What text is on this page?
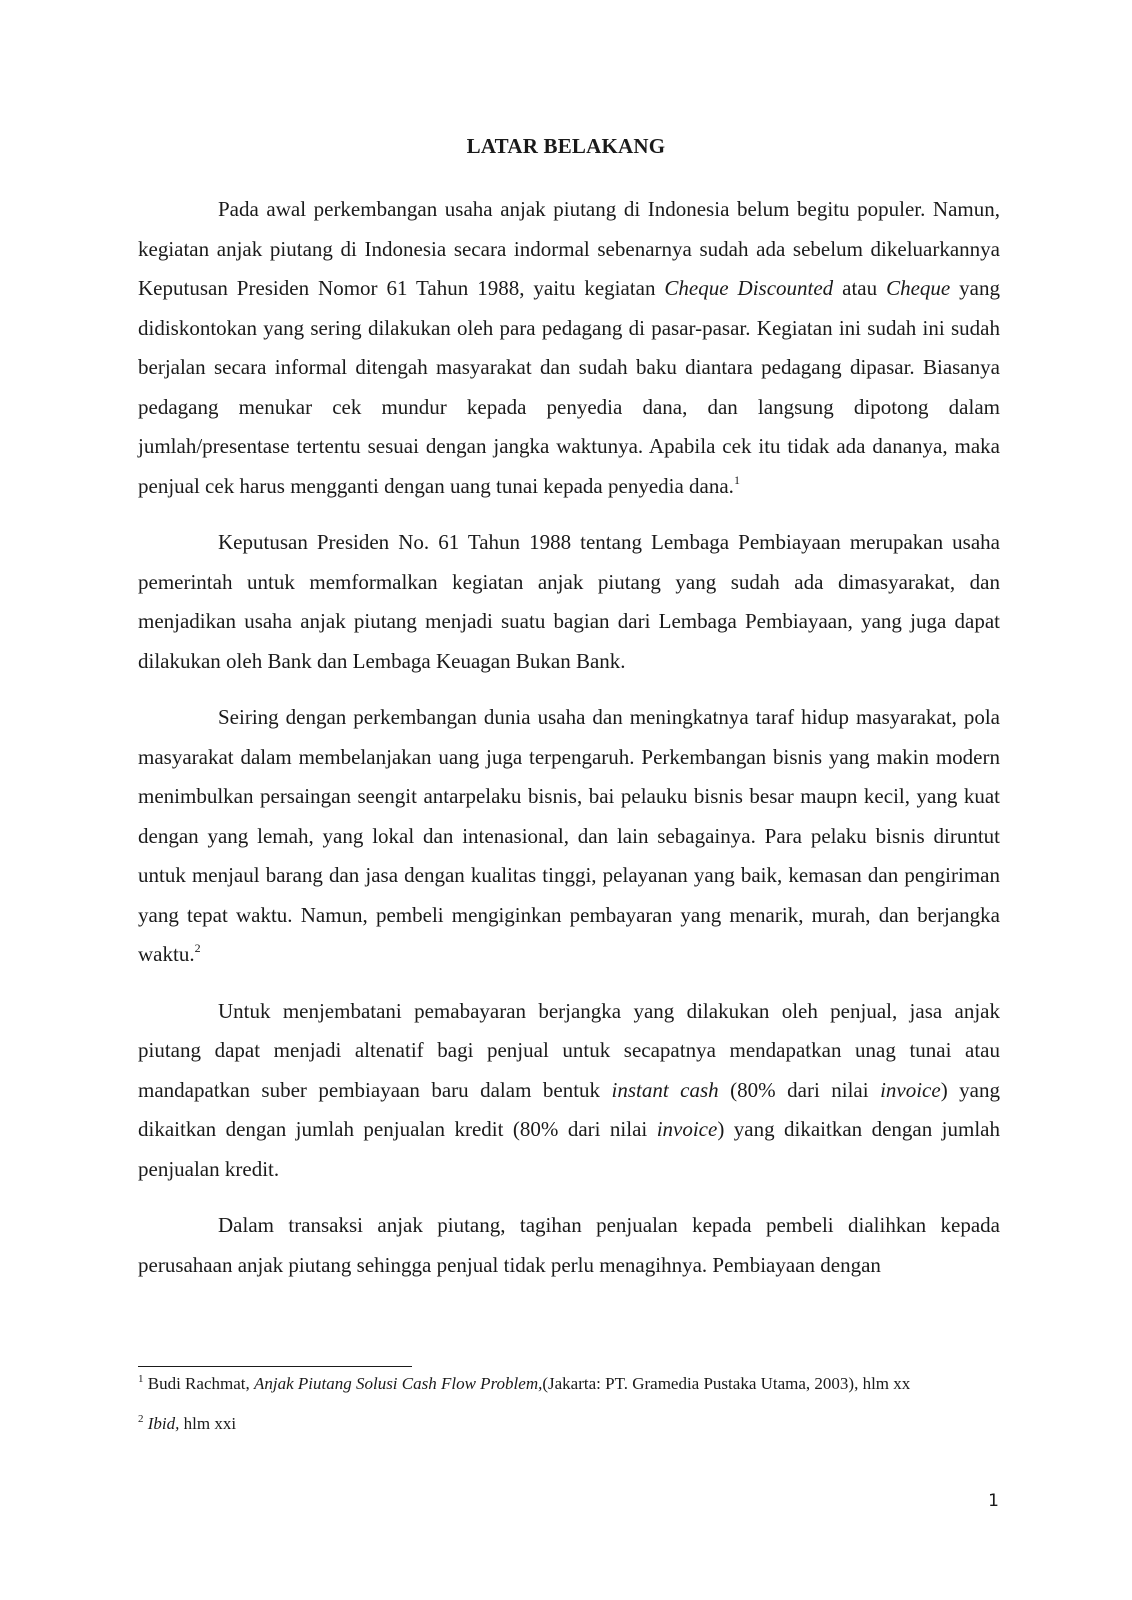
LATAR BELAKANG

Pada awal perkembangan usaha anjak piutang di Indonesia belum begitu populer. Namun, kegiatan anjak piutang di Indonesia secara indormal sebenarnya sudah ada sebelum dikeluarkannya Keputusan Presiden Nomor 61 Tahun 1988, yaitu kegiatan Cheque Discounted atau Cheque yang didiskontokan yang sering dilakukan oleh para pedagang di pasar-pasar. Kegiatan ini sudah ini sudah berjalan secara informal ditengah masyarakat dan sudah baku diantara pedagang dipasar. Biasanya pedagang menukar cek mundur kepada penyedia dana, dan langsung dipotong dalam jumlah/presentase tertentu sesuai dengan jangka waktunya. Apabila cek itu tidak ada dananya, maka penjual cek harus mengganti dengan uang tunai kepada penyedia dana.$^1$

Keputusan Presiden No. 61 Tahun 1988 tentang Lembaga Pembiayaan merupakan usaha pemerintah untuk memformalkan kegiatan anjak piutang yang sudah ada dimasyarakat, dan menjadikan usaha anjak piutang menjadi suatu bagian dari Lembaga Pembiayaan, yang juga dapat dilakukan oleh Bank dan Lembaga Keuagan Bukan Bank.

Seiring dengan perkembangan dunia usaha dan meningkatnya taraf hidup masyarakat, pola masyarakat dalam membelanjakan uang juga terpengaruh. Perkembangan bisnis yang makin modern menimbulkan persaingan seengit antarpelaku bisnis, bai pelauku bisnis besar maupn kecil, yang kuat dengan yang lemah, yang lokal dan intenasional, dan lain sebagainya. Para pelaku bisnis diruntut untuk menjaul barang dan jasa dengan kualitas tinggi, pelayanan yang baik, kemasan dan pengiriman yang tepat waktu. Namun, pembeli mengiginkan pembayaran yang menarik, murah, dan berjangka waktu.$^2$

Untuk menjembatani pemabayaran berjangka yang dilakukan oleh penjual, jasa anjak piutang dapat menjadi altenatif bagi penjual untuk secapatnya mendapatkan unag tunai atau mandapatkan suber pembiayaan baru dalam bentuk instant cash (80% dari nilai invoice) yang dikaitkan dengan jumlah penjualan kredit (80% dari nilai invoice) yang dikaitkan dengan jumlah penjualan kredit.

Dalam transaksi anjak piutang, tagihan penjualan kepada pembeli dialihkan kepada perusahaan anjak piutang sehingga penjual tidak perlu menagihnya. Pembiayaan dengan

$^1$ Budi Rachmat, Anjak Piutang Solusi Cash Flow Problem,(Jakarta: PT. Gramedia Pustaka Utama, 2003), hlm xx

$^2$ Ibid, hlm xxi

1
